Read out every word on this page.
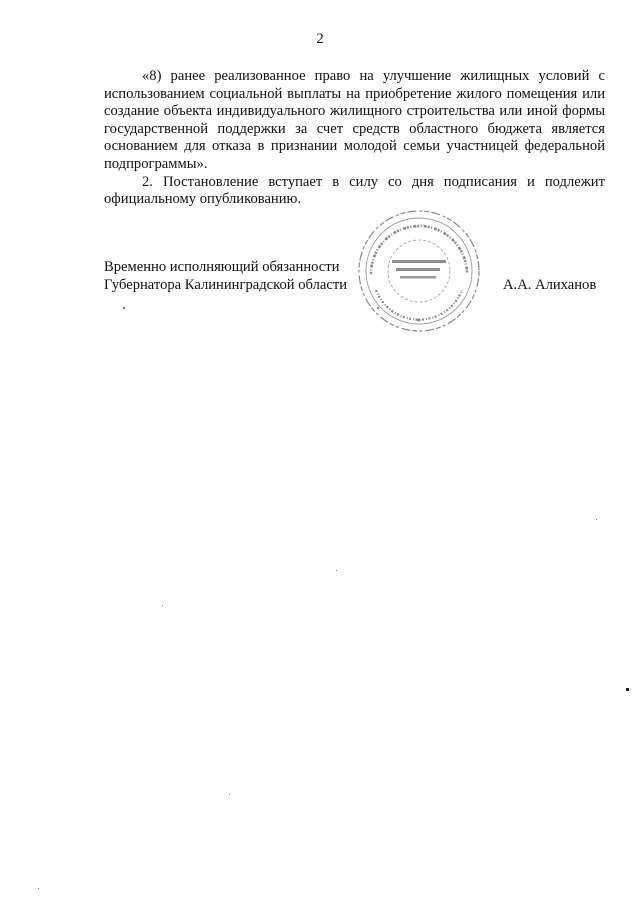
2

«8) ранее реализованное право на улучшение жилищных условий с использованием социальной выплаты на приобретение жилого помещения или создание объекта индивидуального жилищного строительства или иной формы государственной поддержки за счет средств областного бюджета является основанием для отказа в признании молодой семьи участницей федеральной подпрограммы».

2. Постановление вступает в силу со дня подписания и подлежит официальному опубликованию.

Временно исполняющий обязанности
Губернатора Калининградской области	А.А. Алиханов
